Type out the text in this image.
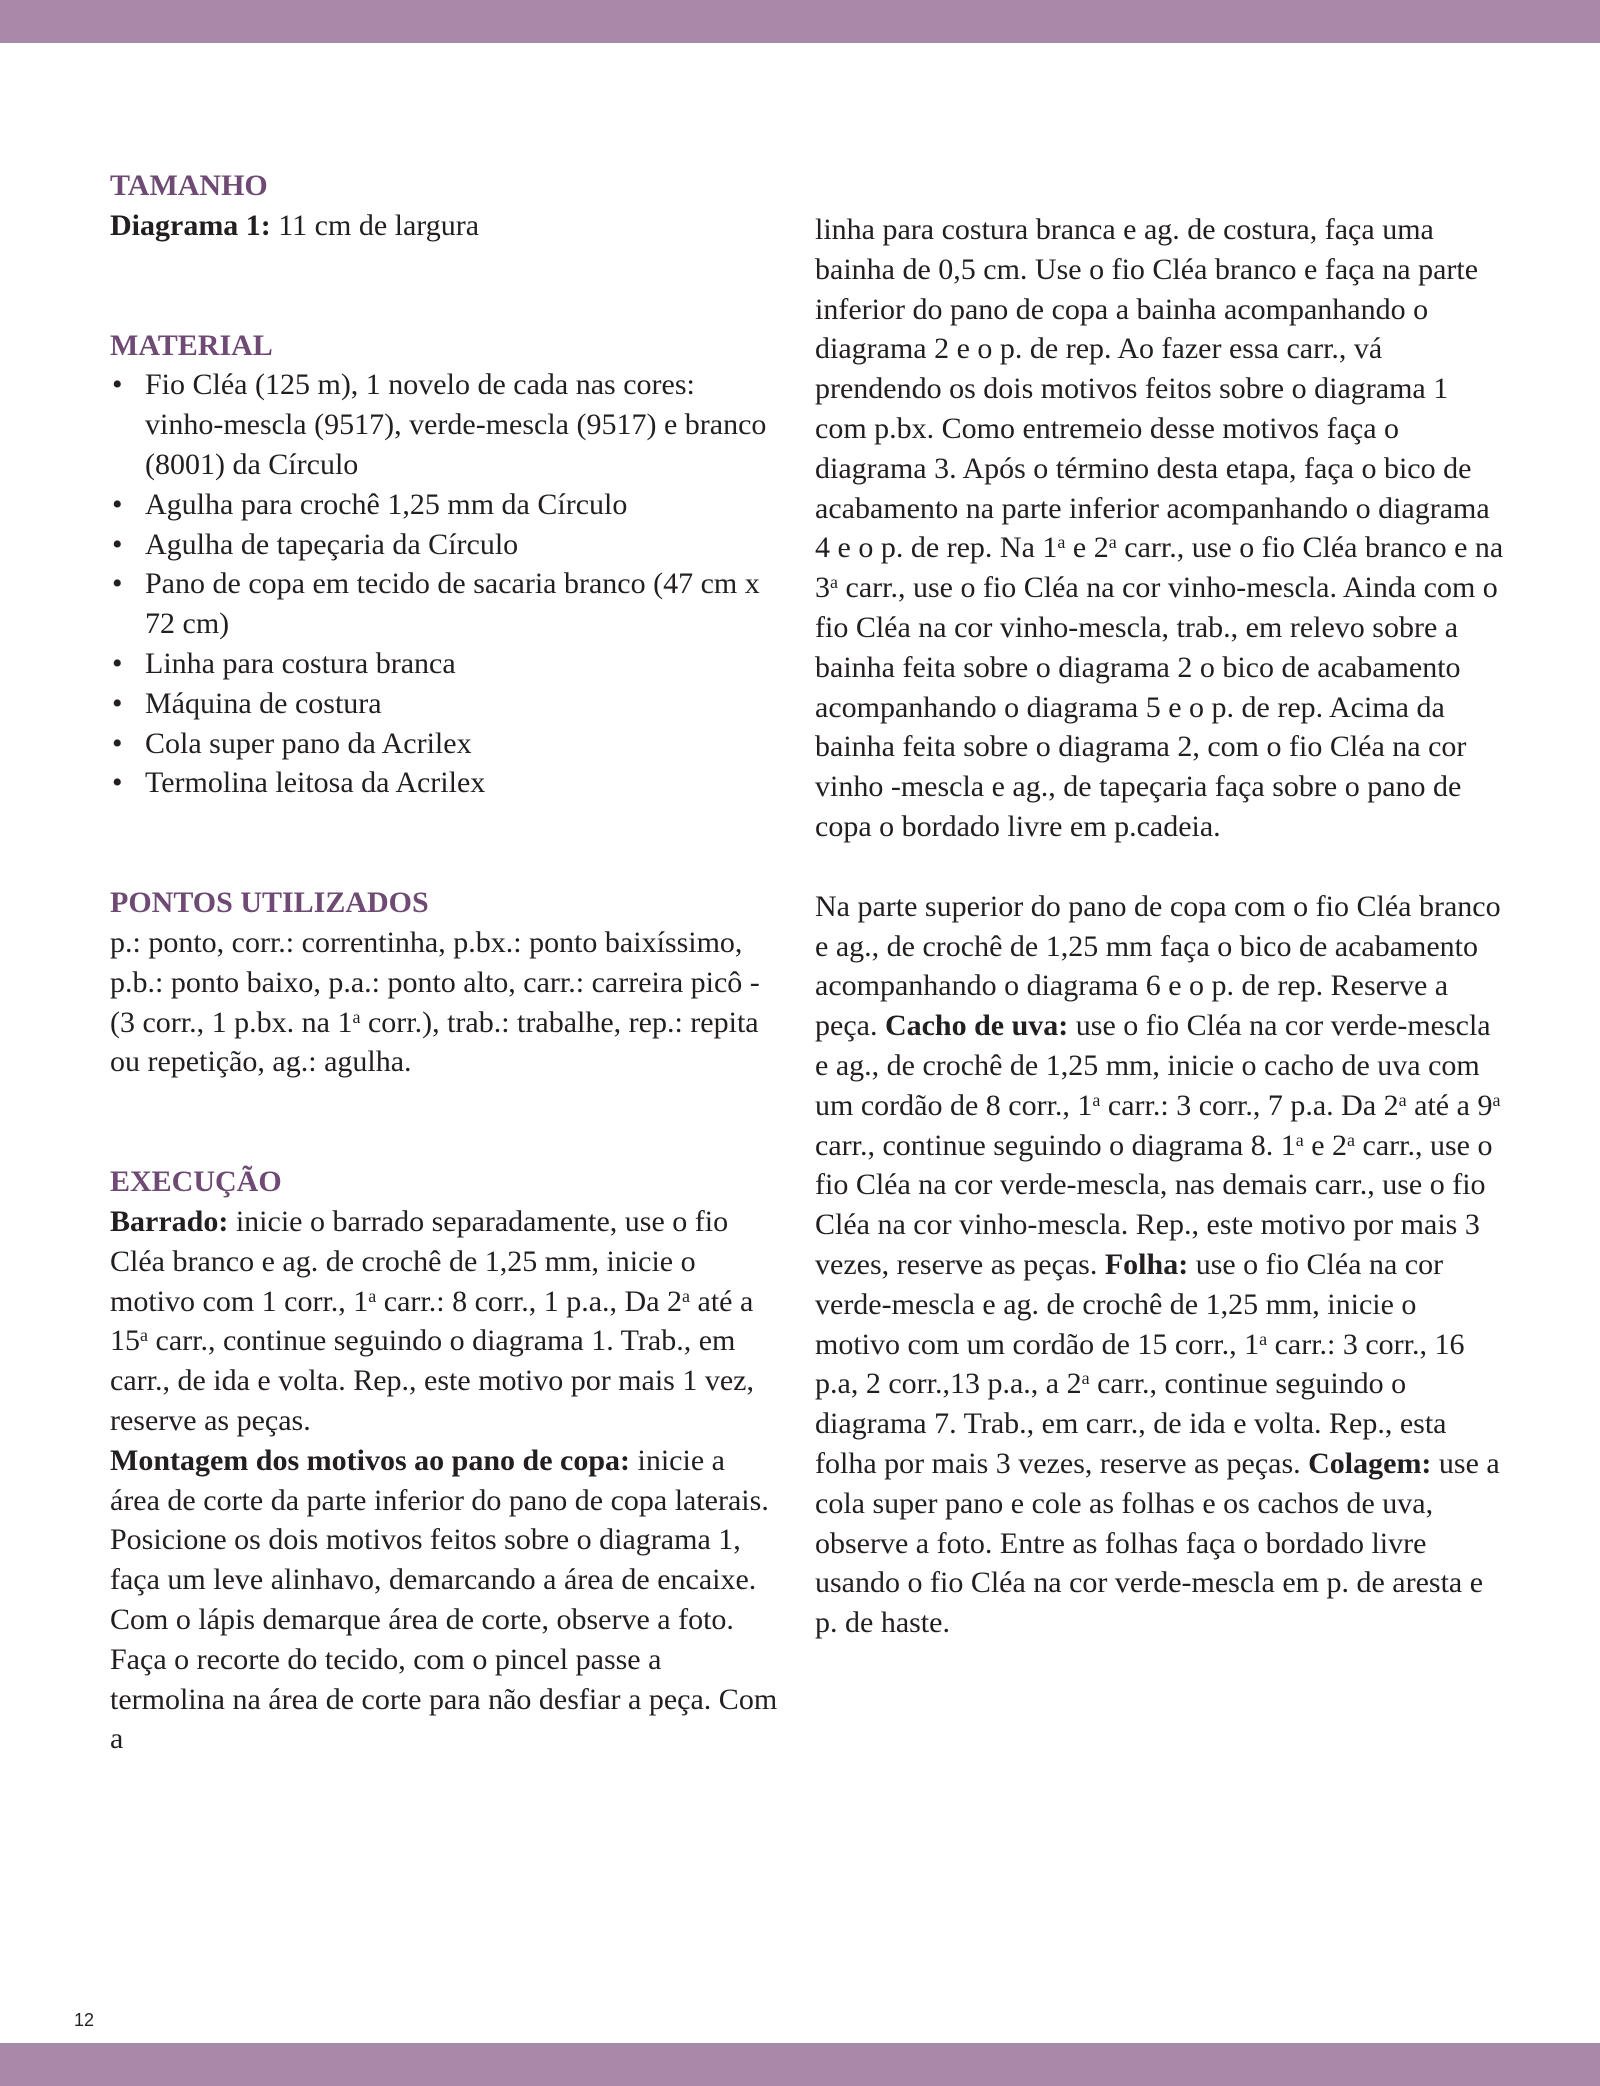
TAMANHO

Diagrama 1: 11 cm de largura

MATERIAL
• Fio Cléa (125 m), 1 novelo de cada nas cores: vinho-mescla (9517), verde-mescla (9517) e branco (8001) da Círculo
• Agulha para crochê 1,25 mm da Círculo
• Agulha de tapeçaria da Círculo
• Pano de copa em tecido de sacaria branco (47 cm x 72 cm)
• Linha para costura branca
• Máquina de costura
• Cola super pano da Acrilex
• Termolina leitosa da Acrilex
PONTOS UTILIZADOS

p.: ponto, corr.: correntinha, p.bx.: ponto baixíssimo, p.b.: ponto baixo, p.a.: ponto alto, carr.: carreira picô - (3 corr., 1 p.bx. na 1$^a$ corr.), trab.: trabalhe, rep.: repita ou repetição, ag.: agulha.

EXECUÇÃO

Barrado: inicie o barrado separadamente, use o fio Cléa branco e ag. de crochê de 1,25 mm, inicie o motivo com 1 corr., 1$^a$ carr.: 8 corr., 1 p.a., Da 2$^a$ até a 15$^a$ carr., continue seguindo o diagrama 1. Trab., em carr., de ida e volta. Rep., este motivo por mais 1 vez, reserve as peças.

Montagem dos motivos ao pano de copa: inicie a área de corte da parte inferior do pano de copa laterais. Posicione os dois motivos feitos sobre o diagrama 1, faça um leve alinhavo, demarcando a área de encaixe. Com o lápis demarque área de corte, observe a foto. Faça o recorte do tecido, com o pincel passe a termolina na área de corte para não desfiar a peça. Com a

linha para costura branca e ag. de costura, faça uma bainha de 0,5 cm. Use o fio Cléa branco e faça na parte inferior do pano de copa a bainha acompanhando o diagrama 2 e o p. de rep. Ao fazer essa carr., vá prendendo os dois motivos feitos sobre o diagrama 1 com p.bx. Como entremeio desse motivos faça o diagrama 3. Após o término desta etapa, faça o bico de acabamento na parte inferior acompanhando o diagrama 4 e o p. de rep. Na 1$^a$ e 2$^a$ carr., use o fio Cléa branco e na 3$^a$ carr., use o fio Cléa na cor vinho-mescla. Ainda com o fio Cléa na cor vinho-mescla, trab., em relevo sobre a bainha feita sobre o diagrama 2 o bico de acabamento acompanhando o diagrama 5 e o p. de rep. Acima da bainha feita sobre o diagrama 2, com o fio Cléa na cor vinho -mescla e ag., de tapeçaria faça sobre o pano de copa o bordado livre em p.cadeia.

Na parte superior do pano de copa com o fio Cléa branco e ag., de crochê de 1,25 mm faça o bico de acabamento acompanhando o diagrama 6 e o p. de rep. Reserve a peça. Cacho de uva: use o fio Cléa na cor verde-mescla e ag., de crochê de 1,25 mm, inicie o cacho de uva com um cordão de 8 corr., 1$^a$ carr.: 3 corr., 7 p.a. Da 2$^a$ até a 9$^a$ carr., continue seguindo o diagrama 8. 1$^a$ e 2$^a$ carr., use o fio Cléa na cor verde-mescla, nas demais carr., use o fio Cléa na cor vinho-mescla. Rep., este motivo por mais 3 vezes, reserve as peças. Folha: use o fio Cléa na cor verde-mescla e ag. de crochê de 1,25 mm, inicie o motivo com um cordão de 15 corr., 1$^a$ carr.: 3 corr., 16 p.a, 2 corr.,13 p.a., a 2$^a$ carr., continue seguindo o diagrama 7. Trab., em carr., de ida e volta. Rep., esta folha por mais 3 vezes, reserve as peças. Colagem: use a cola super pano e cole as folhas e os cachos de uva, observe a foto. Entre as folhas faça o bordado livre usando o fio Cléa na cor verde-mescla em p. de aresta e p. de haste.

12
